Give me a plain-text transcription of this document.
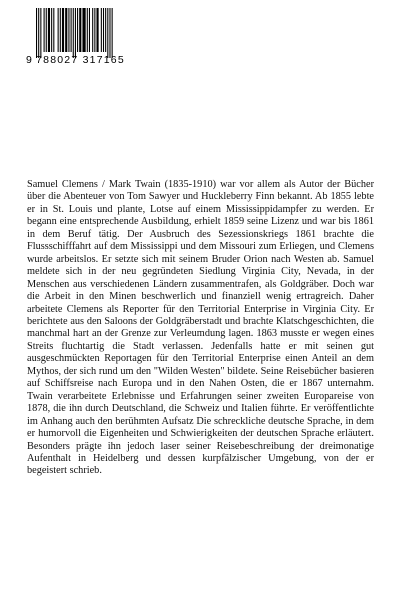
9 788027 317165

Samuel Clemens / Mark Twain (1835-1910) war vor allem als Autor der Bücher über die Abenteuer von Tom Sawyer und Huckleberry Finn bekannt. Ab 1855 lebte er in St. Louis und plante, Lotse auf einem Mississippidampfer zu werden. Er begann eine entsprechende Ausbildung, erhielt 1859 seine Lizenz und war bis 1861 in dem Beruf tätig. Der Ausbruch des Sezessionskriegs 1861 brachte die Flussschifffahrt auf dem Mississippi und dem Missouri zum Erliegen, und Clemens wurde arbeitslos. Er setzte sich mit seinem Bruder Orion nach Westen ab. Samuel meldete sich in der neu gegründeten Siedlung Virginia City, Nevada, in der Menschen aus verschiedenen Ländern zusammentrafen, als Goldgräber. Doch war die Arbeit in den Minen beschwerlich und finanziell wenig ertragreich. Daher arbeitete Clemens als Reporter für den Territorial Enterprise in Virginia City. Er berichtete aus den Saloons der Goldgräberstadt und brachte Klatschgeschichten, die manchmal hart an der Grenze zur Verleumdung lagen. 1863 musste er wegen eines Streits fluchtartig die Stadt verlassen. Jedenfalls hatte er mit seinen gut ausgeschmückten Reportagen für den Territorial Enterprise einen Anteil an dem Mythos, der sich rund um den "Wilden Westen" bildete. Seine Reisebücher basieren auf Schiffsreise nach Europa und in den Nahen Osten, die er 1867 unternahm. Twain verarbeitete Erlebnisse und Erfahrungen seiner zweiten Europareise von 1878, die ihn durch Deutschland, die Schweiz und Italien führte. Er veröffentlichte im Anhang auch den berühmten Aufsatz Die schreckliche deutsche Sprache, in dem er humorvoll die Eigenheiten und Schwierigkeiten der deutschen Sprache erläutert. Besonders prägte ihn jedoch laser seiner Reisebeschreibung der dreimonatige Aufenthalt in Heidelberg und dessen kurpfälzischer Umgebung, von der er begeistert schrieb.
